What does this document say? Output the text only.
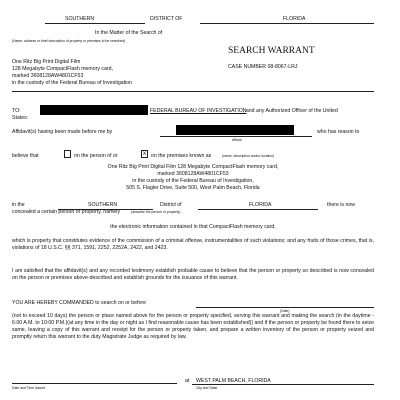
SOUTHERN	DISTRICT OF	FLORIDA
In the Matter of the Search of
(Name, address or brief description of property or premises to be searched)
SEARCH WARRANT
CASE NUMBER 08-8067-LRJ
One Ritz Big Print Digital Film
128 Megabyte CompactFlash memory card,
marked 3608128AW4801CF53
in the custody of the Federal Bureau of Investigation
TO:	FEDERAL BUREAU OF INVESTIGATION
, and any Authorized Officer of the United
States:
Affidavit(s) having been made before me by
Affiant
who has reason to
believe that	on the person of or	x on the premises known as	(name, description and/or location)
One Ritz Big Print Digital Film 128 Megabyte CompactFlash memory card,
marked 3608128AW4801CF53
in the custody of the Federal Bureau of Investigation,
505 S. Flagler Drive, Suite 500, West Palm Beach, Florida
in the	SOUTHERN	District of	FLORIDA	there is now
concealed a certain person or property, namely	(describe the person or property)
the electronic information contained in that CompactFlash memory card,
which is property that constitutes evidence of the commission of a criminal offense, instrumentalities of such violations; and any fruits of those crimes, that is, violations of 18 U.S.C. §§ 371, 1591, 2252, 2252A, 2422, and 2423.
I am satisfied that the affidavit(s) and any recorded testimony establish probable cause to believe that the person or property so described is now concealed on the person or premises above-described and establish grounds for the issuance of this warrant.
YOU ARE HEREBY COMMANDED to search on or before
(Date)
(not to exceed 10 days) the person or place named above for the person or property specified, serving this warrant and making the search (in the daytime - 6:00 A.M. to 10:00 P.M.)(at any time in the day or night as I find reasonable cause has been established)) and if the person or property be found there to seize same, leaving a copy of this warrant and receipt for the person or property taken, and prepare a written inventory of the person or property seized and promptly return this warrant to the duty Magistrate Judge as required by law.
at WEST PALM BEACH, FLORIDA
Date and Time Issued	City and State
